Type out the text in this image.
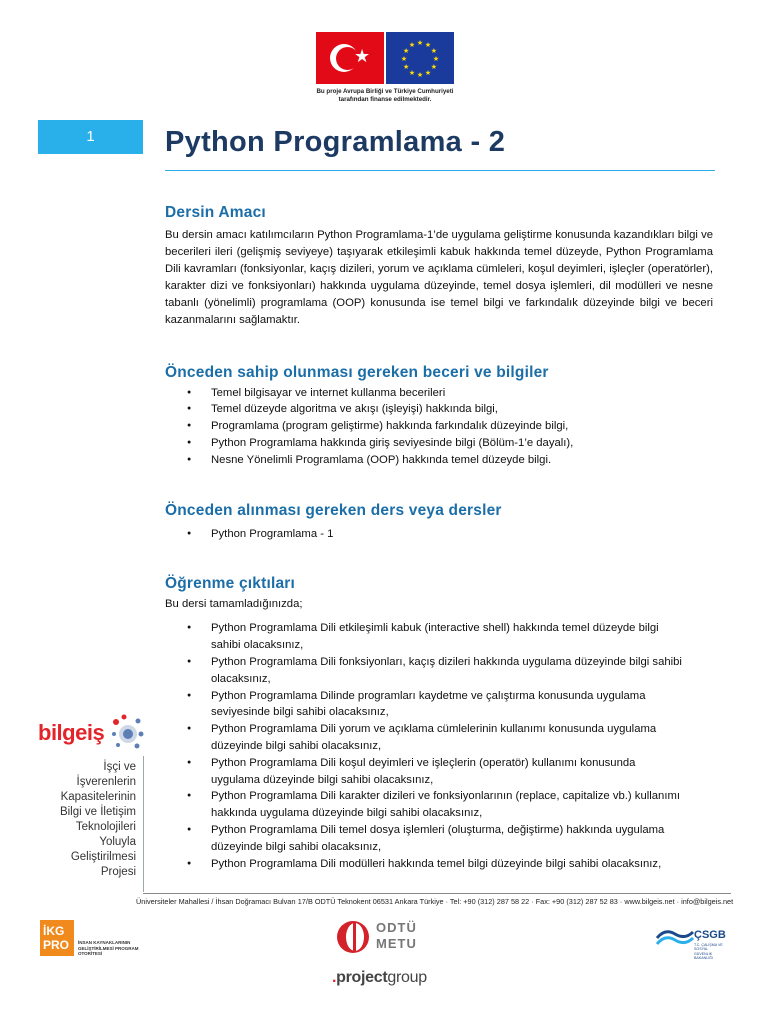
★
★ ★
★
★
★
★
★
★
★
★
★
★
Bu proje Avrupa Birliği ve Türkiye Cumhuriyeti
tarafından finanse edilmektedir.
1	Python Programlama - 2
Dersin Amacı
Bu dersin amacı katılımcıların Python Programlama-1’de uygulama geliştirme konusunda kazandıkları bilgi ve becerileri ileri (gelişmiş seviyeye) taşıyarak etkileşimli kabuk hakkında temel düzeyde, Python Programlama Dili kavramları (fonksiyonlar, kaçış dizileri, yorum ve açıklama cümleleri, koşul deyimleri, işleçler (operatörler), karakter dizi ve fonksiyonları) hakkında uygulama düzeyinde, temel dosya işlemleri, dil modülleri ve nesne tabanlı (yönelimli) programlama (OOP) konusunda ise temel bilgi ve farkındalık düzeyinde bilgi ve beceri kazanmalarını sağlamaktır.
Önceden sahip olunması gereken beceri ve bilgiler
● Temel bilgisayar ve internet kullanma becerileri
● Temel düzeyde algoritma ve akışı (işleyişi) hakkında bilgi,
● Programlama (program geliştirme) hakkında farkındalık düzeyinde bilgi,
● Python Programlama hakkında giriş seviyesinde bilgi (Bölüm-1’e dayalı),
● Nesne Yönelimli Programlama (OOP) hakkında temel düzeyde bilgi.
Önceden alınması gereken ders veya dersler
● Python Programlama - 1
Öğrenme çıktıları
Bu dersi tamamladığınızda;
● Python Programlama Dili etkileşimli kabuk (interactive shell) hakkında temel düzeyde bilgi sahibi olacaksınız,
● Python Programlama Dili fonksiyonları, kaçış dizileri hakkında uygulama düzeyinde bilgi sahibi olacaksınız,
● Python Programlama Dilinde programları kaydetme ve çalıştırma konusunda uygulama seviyesinde bilgi sahibi olacaksınız,
● Python Programlama Dili yorum ve açıklama cümlelerinin kullanımı konusunda uygulama düzeyinde bilgi sahibi olacaksınız,
● Python Programlama Dili koşul deyimleri ve işleçlerin (operatör) kullanımı konusunda uygulama düzeyinde bilgi sahibi olacaksınız,
● Python Programlama Dili karakter dizileri ve fonksiyonlarının (replace, capitalize vb.) kullanımı hakkında uygulama düzeyinde bilgi sahibi olacaksınız,
● Python Programlama Dili temel dosya işlemleri (oluşturma, değiştirme) hakkında uygulama düzeyinde bilgi sahibi olacaksınız,
● Python Programlama Dili modülleri hakkında temel bilgi düzeyinde bilgi sahibi olacaksınız,
bilgeiş
İşçi ve
İşverenlerin
Kapasitelerinin
Bilgi ve İletişim
Teknolojileri
Yoluyla
Geliştirilmesi
Projesi
Üniversiteler Mahallesi / İhsan Doğramacı Bulvarı 17/B ODTÜ Teknokent 06531 Ankara Türkiye · Tel: +90 (312) 287 58 22 · Fax: +90 (312) 287 52 83 · www.bilgeis.net · info@bilgeis.net
İKG
PRO	İNSAN KAYNAKLARININ GELİŞTİRİLMESİ PROGRAM OTORİTESİ
ODTÜ
METU
.projectgroup
ÇSGB
T.C. ÇALIŞMA VE SOSYAL GÜVENLİK BAKANLIĞI
